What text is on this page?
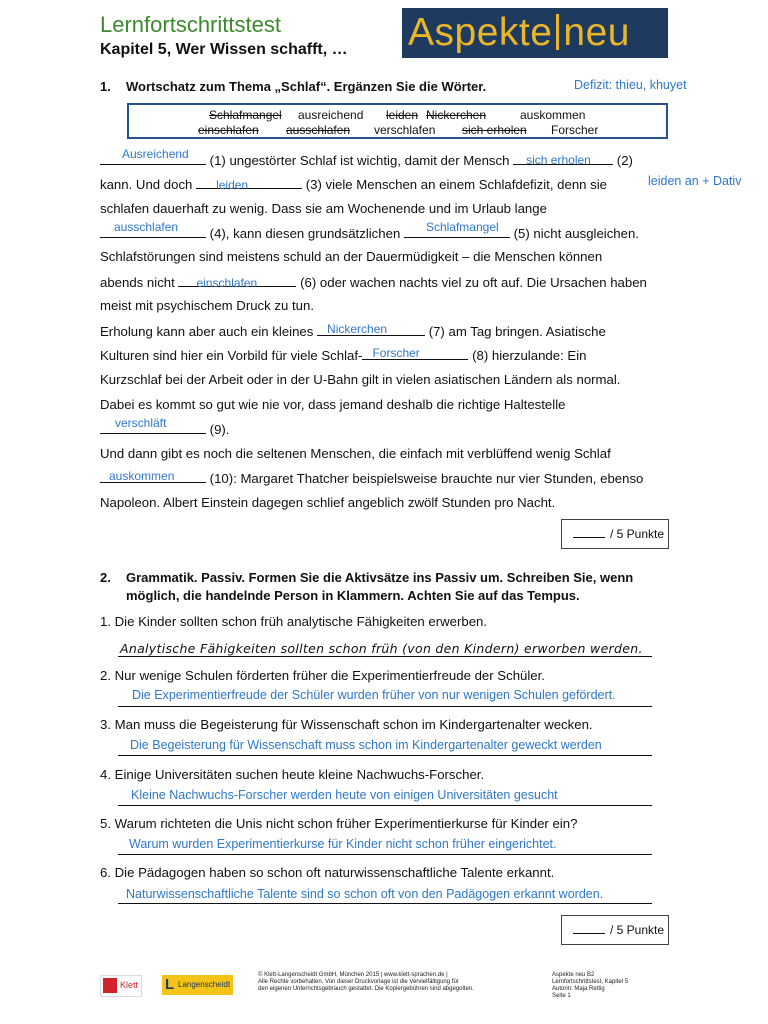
Lernfortschrittstest
Kapitel 5, Wer Wissen schafft, … Aspekte neu
1. Wortschatz zum Thema „Schlaf“. Ergänzen Sie die Wörter.	Defizit: thieu, khuyet
Schlafmangel ausreichend leiden Nickerchen	auskommen
einschlafen ausschlafen verschlafen sich erholen Forscher
Ausreichend (1) ungestörter Schlaf ist wichtig, damit der Mensch sich erholen (2)
kann. Und doch leiden	(3) viele Menschen an einem Schlafdefizit, denn sie	leiden an + Dativ
schlafen dauerhaft zu wenig. Dass sie am Wochenende und im Urlaub lange
ausschlafen (4), kann diesen grundsätzlichen Schlafmangel (5) nicht ausgleichen.
Schlafstörungen sind meistens schuld an der Dauermüdigkeit – die Menschen können
abends nicht einschlafen	(6) oder wachen nachts viel zu oft auf. Die Ursachen haben
meist mit psychischem Druck zu tun.
Erholung kann aber auch ein kleines Nickerchen	(7) am Tag bringen. Asiatische
Kulturen sind hier ein Vorbild für viele Schlaf- Forscher	(8) hierzulande: Ein
Kurzschlaf bei der Arbeit oder in der U-Bahn gilt in vielen asiatischen Ländern als normal.
Dabei es kommt so gut wie nie vor, dass jemand deshalb die richtige Haltestelle
verschläft	(9).
Und dann gibt es noch die seltenen Menschen, die einfach mit verblüffend wenig Schlaf
auskommen	(10): Margaret Thatcher beispielsweise brauchte nur vier Stunden, ebenso
Napoleon. Albert Einstein dagegen schlief angeblich zwölf Stunden pro Nacht.
/ 5 Punkte
2. Grammatik. Passiv. Formen Sie die Aktivsätze ins Passiv um. Schreiben Sie, wenn
möglich, die handelnde Person in Klammern. Achten Sie auf das Tempus.
1. Die Kinder sollten schon früh analytische Fähigkeiten erwerben.
Analytische Fähigkeiten sollten schon früh (von den Kindern) erworben werden.
2. Nur wenige Schulen förderten früher die Experimentierfreude der Schüler.
Die Experimentierfreude der Schüler wurden früher von nur wenigen Schulen gefördert.
3. Man muss die Begeisterung für Wissenschaft schon im Kindergartenalter wecken.
Die Begeisterung für Wissenschaft muss schon im Kindergartenalter geweckt werden
4. Einige Universitäten suchen heute kleine Nachwuchs-Forscher.
Kleine Nachwuchs-Forscher werden heute von einigen Universitäten gesucht
5. Warum richteten die Unis nicht schon früher Experimentierkurse für Kinder ein?
Warum wurden Experimentierkurse für Kinder nicht schon früher eingerichtet.
6. Die Pädagogen haben so schon oft naturwissenschaftliche Talente erkannt.
Naturwissenschaftliche Talente sind so schon oft von den Padägogen erkannt worden.
/ 5 Punkte
Klett L Langenscheidt
© Klett-Langenscheidt GmbH, München 2015 | www.klett-sprachen.de |
Alle Rechte vorbehalten. Von dieser Druckvorlage ist die Vervielfältigung für
den eigenen Unterrichtsgebrauch gestattet. Die Kopiergebühren sind abgegolten.
Aspekte neu B2
Lernfortschrittstest, Kapitel 5
Autorin: Maja Rettig
Seite 1
